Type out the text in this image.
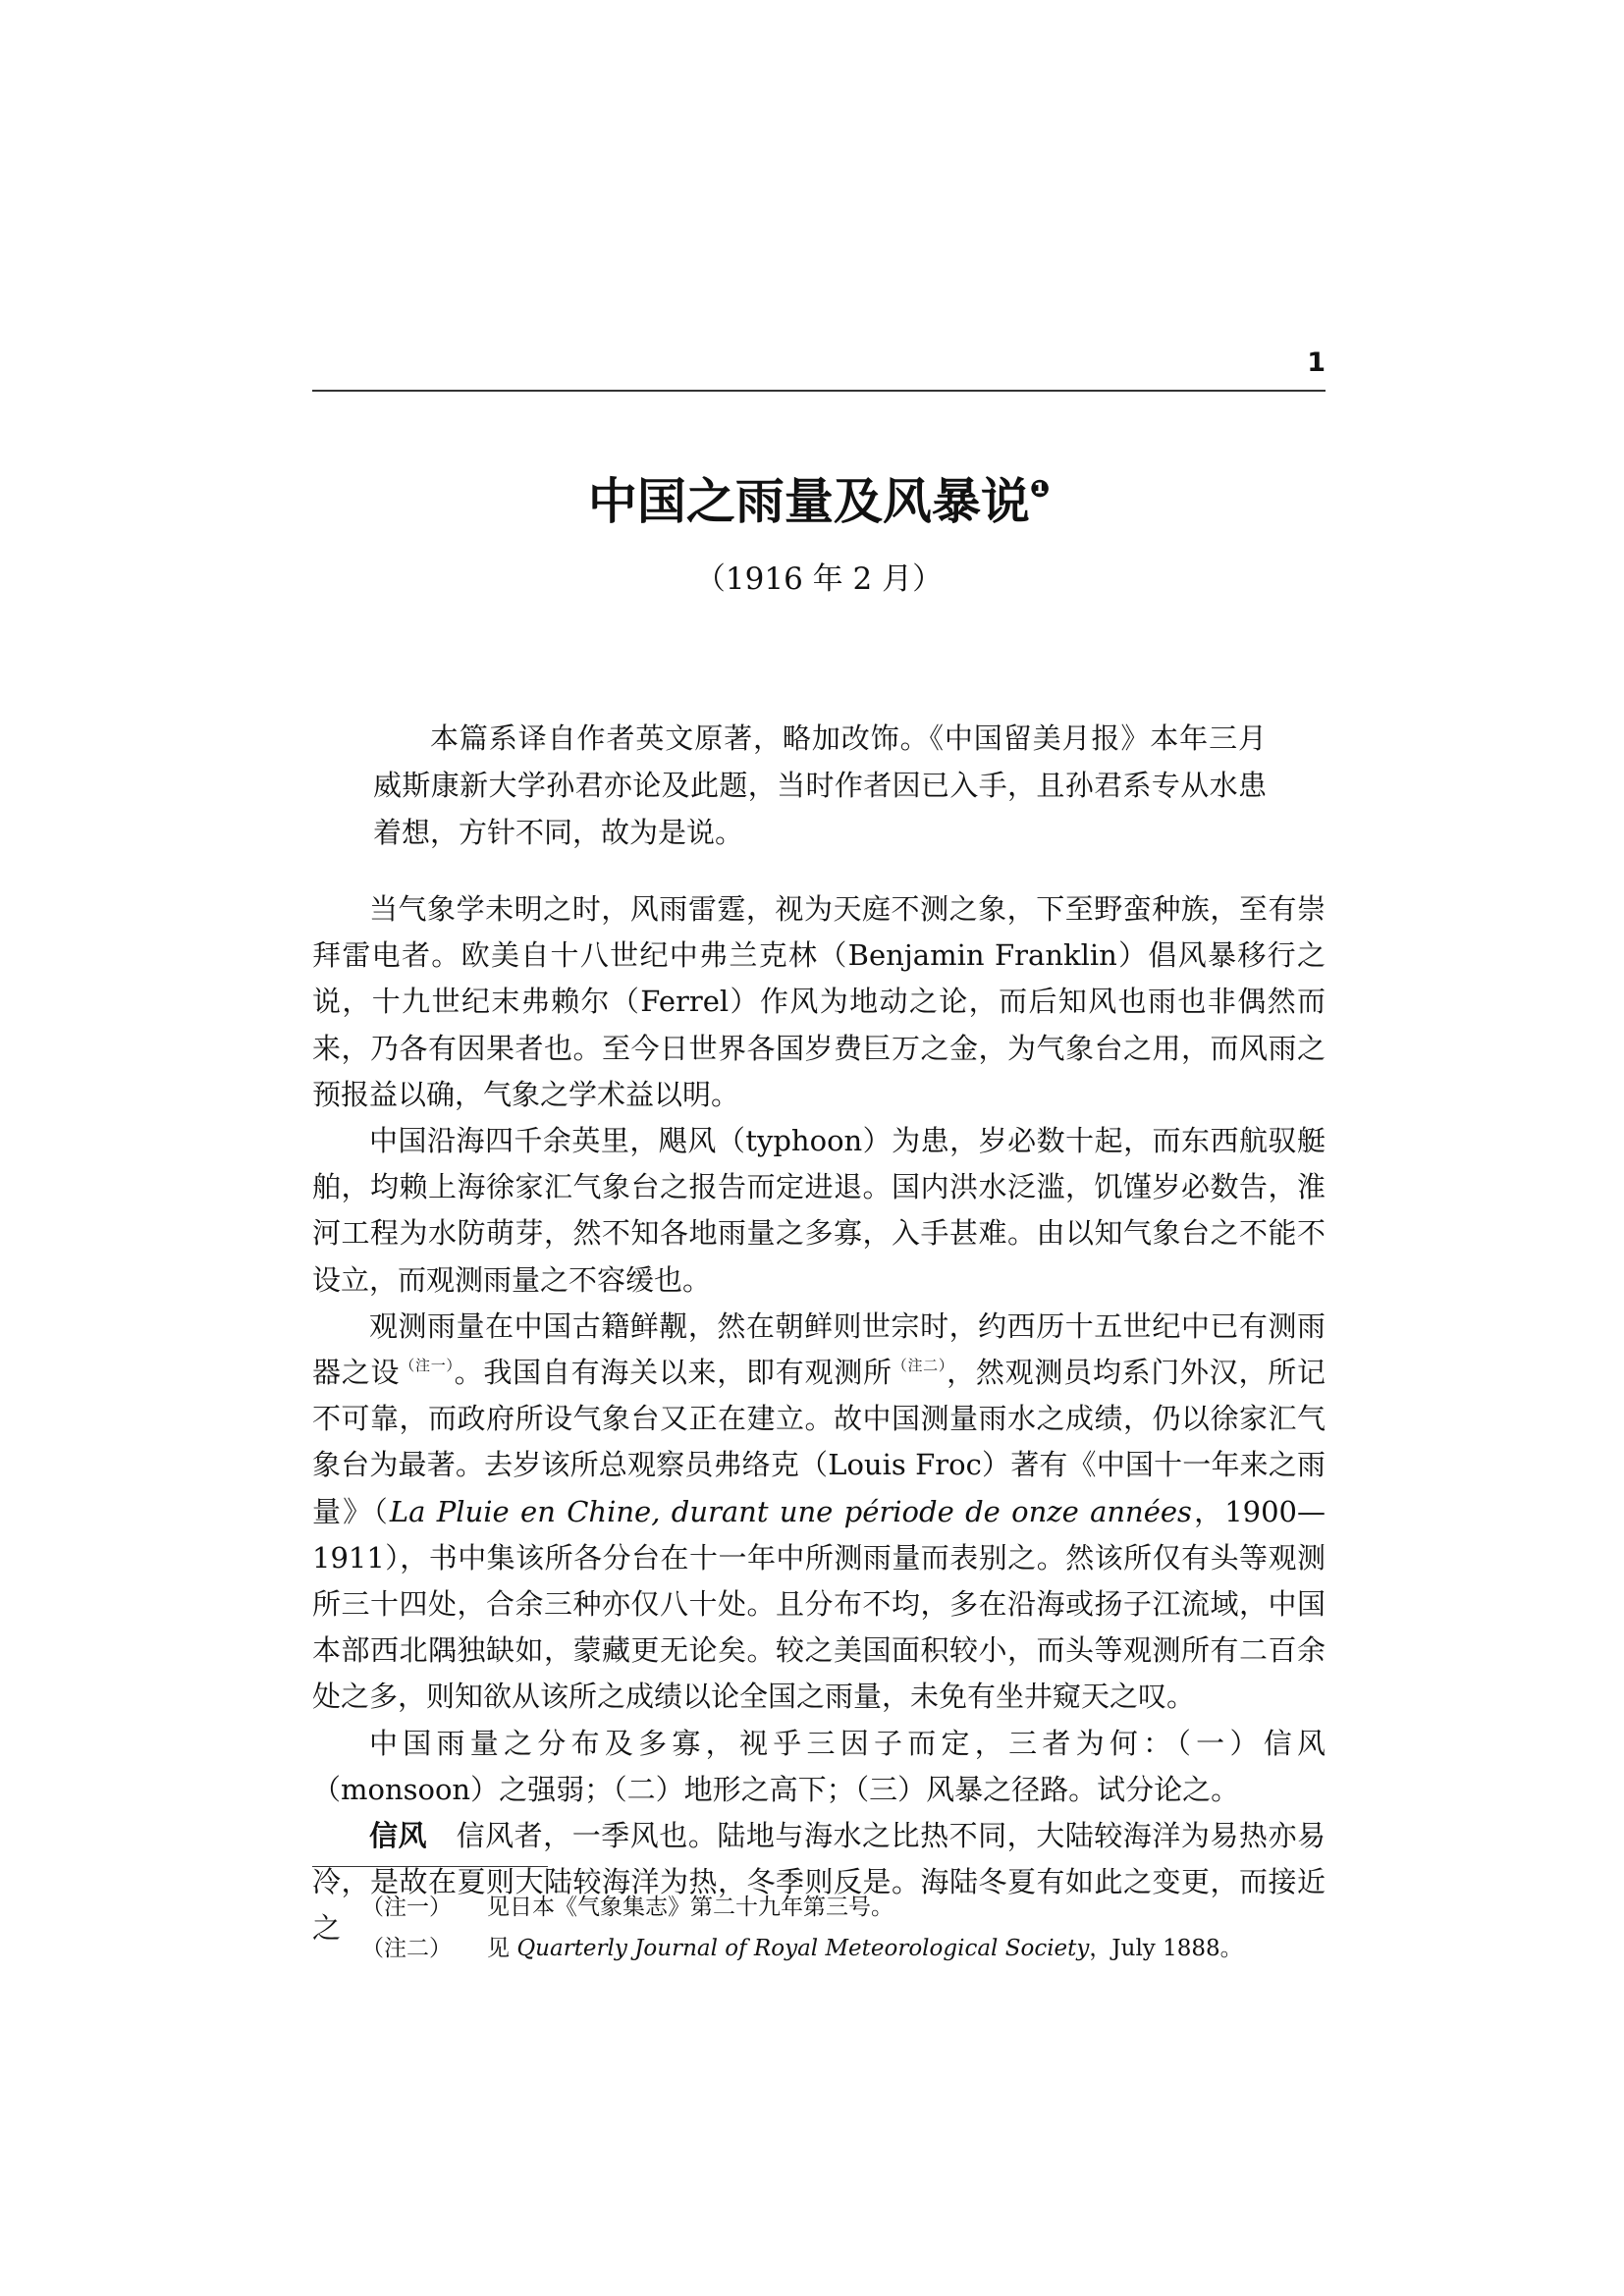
1
中国之雨量及风暴说$^❶$
（1916 年 2 月）

本篇系译自作者英文原著，略加改饰。《中国留美月报》本年三月威斯康新大学孙君亦论及此题，当时作者因已入手，且孙君系专从水患着想，方针不同，故为是说。

当气象学未明之时，风雨雷霆，视为天庭不测之象，下至野蛮种族，至有崇拜雷电者。欧美自十八世纪中弗兰克林（Benjamin Franklin）倡风暴移行之说，十九世纪末弗赖尔（Ferrel）作风为地动之论，而后知风也雨也非偶然而来，乃各有因果者也。至今日世界各国岁费巨万之金，为气象台之用，而风雨之预报益以确，气象之学术益以明。

中国沿海四千余英里，飓风（typhoon）为患，岁必数十起，而东西航驭艇舶，均赖上海徐家汇气象台之报告而定进退。国内洪水泛滥，饥馑岁必数告，淮河工程为水防萌芽，然不知各地雨量之多寡，入手甚难。由以知气象台之不能不设立，而观测雨量之不容缓也。

观测雨量在中国古籍鲜觏，然在朝鲜则世宗时，约西历十五世纪中已有测雨器之设$^{(注一)}$。我国自有海关以来，即有观测所$^{(注二)}$，然观测员均系门外汉，所记不可靠，而政府所设气象台又正在建立。故中国测量雨水之成绩，仍以徐家汇气象台为最著。去岁该所总观察员弗络克（Louis Froc）著有《中国十一年来之雨量》（La Pluie en Chine, durant une période de onze années，1900—1911），书中集该所各分台在十一年中所测雨量而表别之。然该所仅有头等观测所三十四处，合余三种亦仅八十处。且分布不均，多在沿海或扬子江流域，中国本部西北隅独缺如，蒙藏更无论矣。较之美国面积较小，而头等观测所有二百余处之多，则知欲从该所之成绩以论全国之雨量，未免有坐井窥天之叹。

中国雨量之分布及多寡，视乎三因子而定，三者为何：（一）信风（monsoon）之强弱；（二）地形之高下；（三）风暴之径路。试分论之。

信风  信风者，一季风也。陆地与海水之比热不同，大陆较海洋为易热亦易冷，是故在夏则大陆较海洋为热，冬季则反是。海陆冬夏有如此之变更，而接近之

（注一） 见日本《气象集志》第二十九年第三号。
（注二） 见 Quarterly Journal of Royal Meteorological Society，July 1888。
